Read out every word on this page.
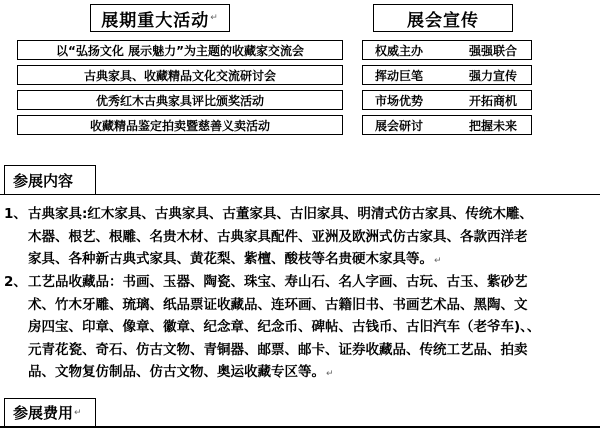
展期重大活动 ↵
以“弘扬文化 展示魅力”为主题的收藏家交流会
古典家具、收藏精品文化交流研讨会
优秀红木古典家具评比颁奖活动
收藏精品鉴定拍卖暨慈善义卖活动
展会宣传
权威主办	强强联合
挥动巨笔	强力宣传
市场优势	开拓商机
展会研讨	把握未来
参展内容
1、 古典家具:红木家具、古典家具、古董家具、古旧家具、明清式仿古家具、传统木雕、
木器、根艺、根雕、名贵木材、古典家具配件、亚洲及欧洲式仿古家具、各款西洋老
家具、各种新古典式家具、黄花梨、紫檀、酸枝等名贵硬木家具等。↵
2、 工艺品收藏品：书画、玉器、陶瓷、珠宝、寿山石、名人字画、古玩、古玉、紫砂艺
术、竹木牙雕、琉璃、纸品票证收藏品、连环画、古籍旧书、书画艺术品、黑陶、文
房四宝、印章、像章、徽章、纪念章、纪念币、碑帖、古钱币、古旧汽车（老爷车)、、
元青花瓷、奇石、仿古文物、青铜器、邮票、邮卡、证券收藏品、传统工艺品、拍卖
品、文物复仿制品、仿古文物、奥运收藏专区等。↵
参展费用 ↵
